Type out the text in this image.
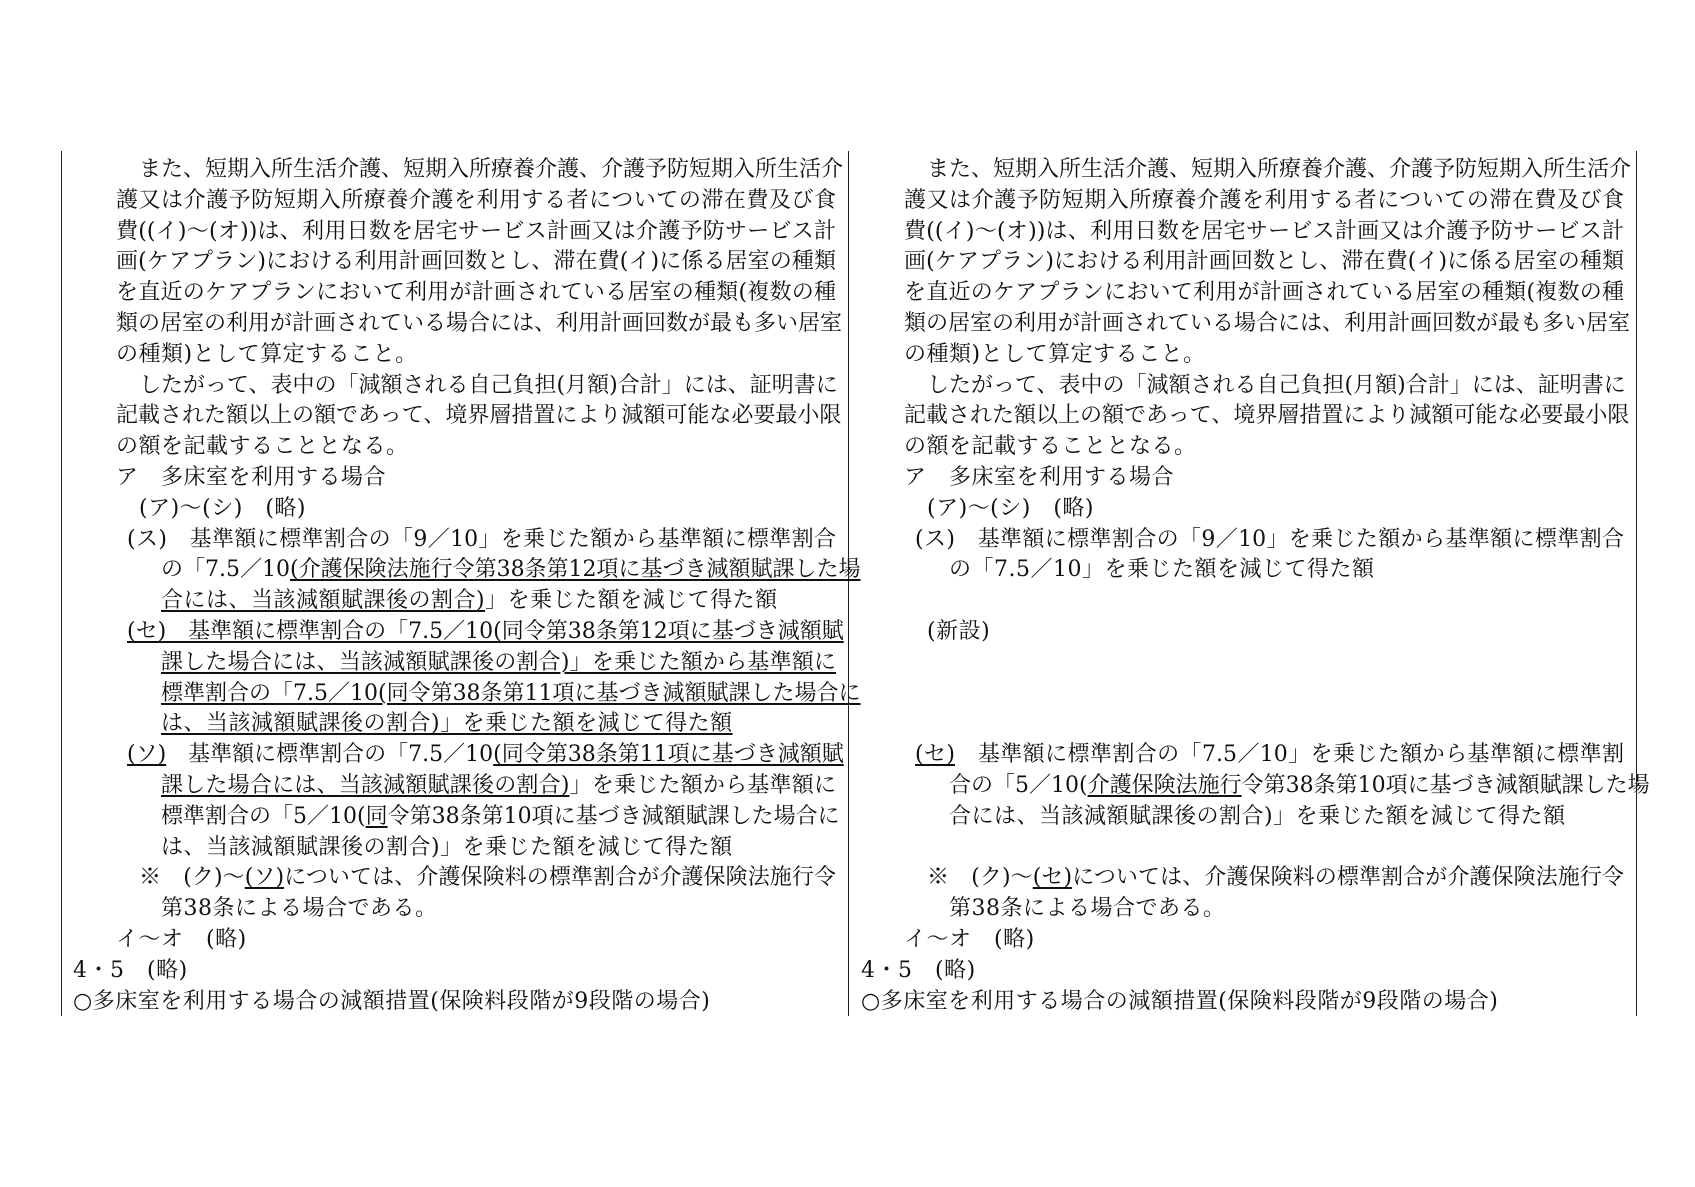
また、短期入所生活介護、短期入所療養介護、介護予防短期入所生活介
護又は介護予防短期入所療養介護を利用する者についての滞在費及び食
費((イ)～(オ))は、利用日数を居宅サービス計画又は介護予防サービス計
画(ケアプラン)における利用計画回数とし、滞在費(イ)に係る居室の種類
を直近のケアプランにおいて利用が計画されている居室の種類(複数の種
類の居室の利用が計画されている場合には、利用計画回数が最も多い居室
の種類)として算定すること。
したがって、表中の「減額される自己負担(月額)合計」には、証明書に
記載された額以上の額であって、境界層措置により減額可能な必要最小限
の額を記載することとなる。
ア　多床室を利用する場合
(ア)～(シ)　(略)
(ス)　基準額に標準割合の「9／10」を乗じた額から基準額に標準割合
の「7.5／10(介護保険法施行令第38条第12項に基づき減額賦課した場
合には、当該減額賦課後の割合)」を乗じた額を減じて得た額
(セ)　基準額に標準割合の「7.5／10(同令第38条第12項に基づき減額賦
課した場合には、当該減額賦課後の割合)」を乗じた額から基準額に
標準割合の「7.5／10(同令第38条第11項に基づき減額賦課した場合に
は、当該減額賦課後の割合)」を乗じた額を減じて得た額
(ソ)　基準額に標準割合の「7.5／10(同令第38条第11項に基づき減額賦
課した場合には、当該減額賦課後の割合)」を乗じた額から基準額に
標準割合の「5／10(同令第38条第10項に基づき減額賦課した場合に
は、当該減額賦課後の割合)」を乗じた額を減じて得た額
※　(ク)～(ソ)については、介護保険料の標準割合が介護保険法施行令
第38条による場合である。
イ～オ　(略)
4・5　(略)
○多床室を利用する場合の減額措置(保険料段階が9段階の場合)
また、短期入所生活介護、短期入所療養介護、介護予防短期入所生活介
護又は介護予防短期入所療養介護を利用する者についての滞在費及び食
費((イ)～(オ))は、利用日数を居宅サービス計画又は介護予防サービス計
画(ケアプラン)における利用計画回数とし、滞在費(イ)に係る居室の種類
を直近のケアプランにおいて利用が計画されている居室の種類(複数の種
類の居室の利用が計画されている場合には、利用計画回数が最も多い居室
の種類)として算定すること。
したがって、表中の「減額される自己負担(月額)合計」には、証明書に
記載された額以上の額であって、境界層措置により減額可能な必要最小限
の額を記載することとなる。
ア　多床室を利用する場合
(ア)～(シ)　(略)
(ス)　基準額に標準割合の「9／10」を乗じた額から基準額に標準割合
の「7.5／10」を乗じた額を減じて得た額
(新設)
(セ)　基準額に標準割合の「7.5／10」を乗じた額から基準額に標準割
合の「5／10(介護保険法施行令第38条第10項に基づき減額賦課した場
合には、当該減額賦課後の割合)」を乗じた額を減じて得た額
※　(ク)～(セ)については、介護保険料の標準割合が介護保険法施行令
第38条による場合である。
イ～オ　(略)
4・5　(略)
○多床室を利用する場合の減額措置(保険料段階が9段階の場合)
